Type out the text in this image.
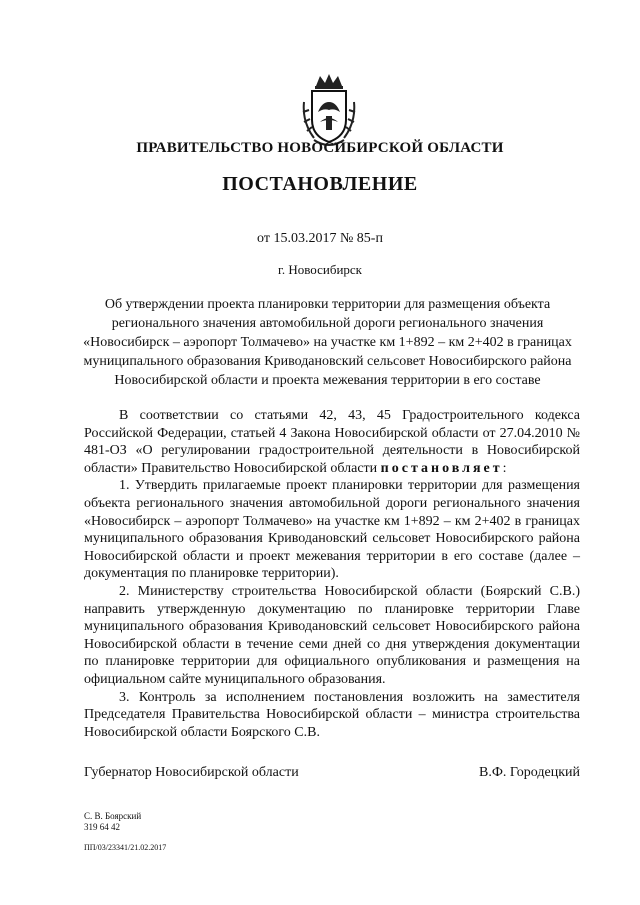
ПРАВИТЕЛЬСТВО НОВОСИБИРСКОЙ ОБЛАСТИ
ПОСТАНОВЛЕНИЕ
от 15.03.2017 № 85-п
г. Новосибирск
Об утверждении проекта планировки территории для размещения объекта
регионального значения автомобильной дороги регионального значения
«Новосибирск – аэропорт Толмачево» на участке км 1+892 – км 2+402 в границах
муниципального образования Криводановский сельсовет Новосибирского района
Новосибирской области и проекта межевания территории в его составе

В соответствии со статьями 42, 43, 45 Градостроительного кодекса Российской Федерации, статьей 4 Закона Новосибирской области от 27.04.2010 № 481-ОЗ «О регулировании градостроительной деятельности в Новосибирской области» Правительство Новосибирской области постановляет:

1. Утвердить прилагаемые проект планировки территории для размещения объекта регионального значения автомобильной дороги регионального значения «Новосибирск – аэропорт Толмачево» на участке км 1+892 – км 2+402 в границах муниципального образования Криводановский сельсовет Новосибирского района Новосибирской области и проект межевания территории в его составе (далее – документация по планировке территории).

2. Министерству строительства Новосибирской области (Боярский С.В.) направить утвержденную документацию по планировке территории Главе муниципального образования Криводановский сельсовет Новосибирского района Новосибирской области в течение семи дней со дня утверждения документации по планировке территории для официального опубликования и размещения на официальном сайте муниципального образования.

3. Контроль за исполнением постановления возложить на заместителя Председателя Правительства Новосибирской области – министра строительства Новосибирской области Боярского С.В.

Губернатор Новосибирской области	В.Ф. Городецкий
С. В. Боярский
319 64 42
ПП/03/23341/21.02.2017
